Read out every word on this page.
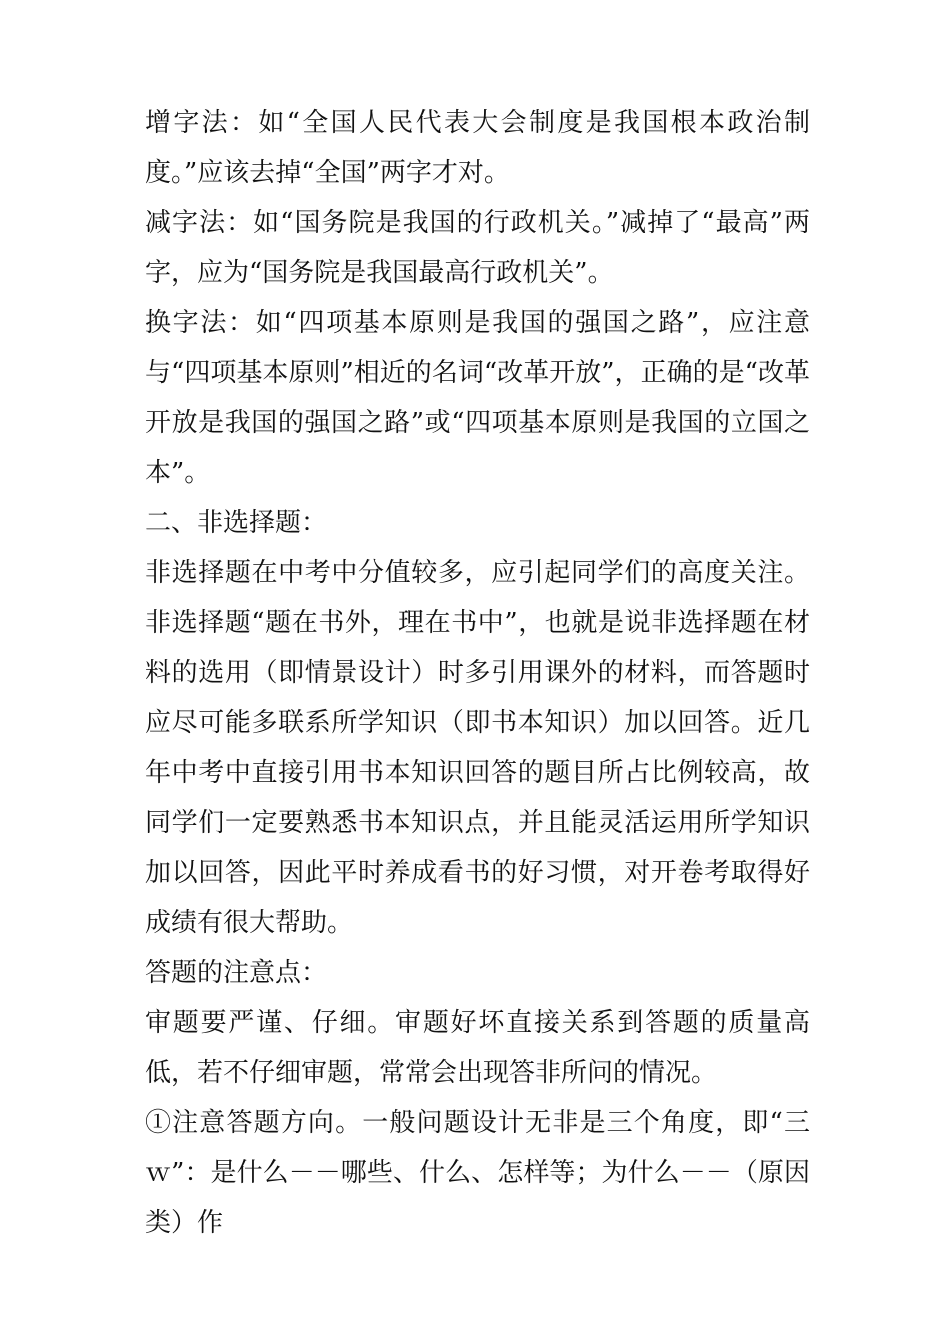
增字法：如“全国人民代表大会制度是我国根本政治制度。”应该去掉“全国”两字才对。

减字法：如“国务院是我国的行政机关。”减掉了“最高”两字，应为“国务院是我国最高行政机关”。

换字法：如“四项基本原则是我国的强国之路”，应注意与“四项基本原则”相近的名词“改革开放”，正确的是“改革开放是我国的强国之路”或“四项基本原则是我国的立国之本”。

二、非选择题：

非选择题在中考中分值较多，应引起同学们的高度关注。非选择题“题在书外，理在书中”，也就是说非选择题在材料的选用（即情景设计）时多引用课外的材料，而答题时应尽可能多联系所学知识（即书本知识）加以回答。近几年中考中直接引用书本知识回答的题目所占比例较高，故同学们一定要熟悉书本知识点，并且能灵活运用所学知识加以回答，因此平时养成看书的好习惯，对开卷考取得好成绩有很大帮助。

答题的注意点：

审题要严谨、仔细。审题好坏直接关系到答题的质量高低，若不仔细审题，常常会出现答非所问的情况。

①注意答题方向。一般问题设计无非是三个角度，即“三ｗ”：是什么－－哪些、什么、怎样等；为什么－－（原因类）作
